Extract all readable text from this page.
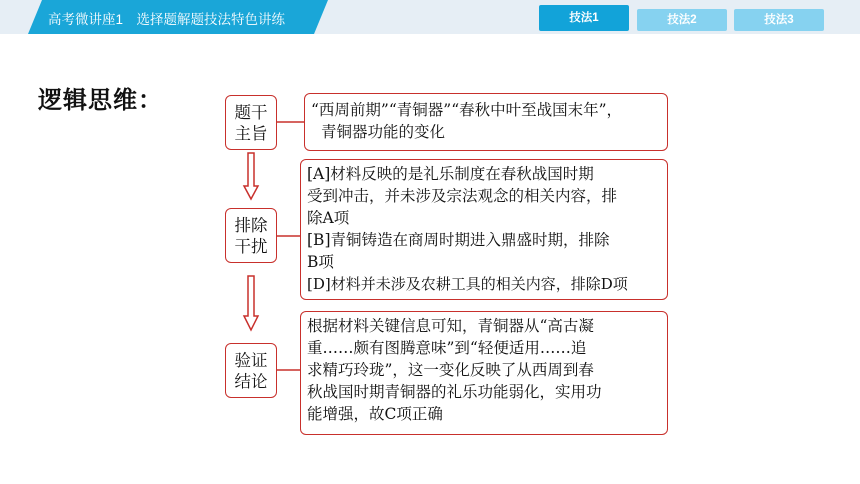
高考微讲座1　选择题解题技法特色讲练	技法1	技法2	技法3
逻辑思维：	题干
主旨
“西周前期”“青铜器”“春秋中叶至战国末年”，
青铜器功能的变化
排除
干扰
[A]材料反映的是礼乐制度在春秋战国时期
受到冲击，并未涉及宗法观念的相关内容，排
除A项
[B]青铜铸造在商周时期进入鼎盛时期，排除
B项
[D]材料并未涉及农耕工具的相关内容，排除D项
验证
结论
根据材料关键信息可知，青铜器从“高古凝
重……颇有图腾意味”到“轻便适用……追
求精巧玲珑”，这一变化反映了从西周到春
秋战国时期青铜器的礼乐功能弱化，实用功
能增强，故C项正确
